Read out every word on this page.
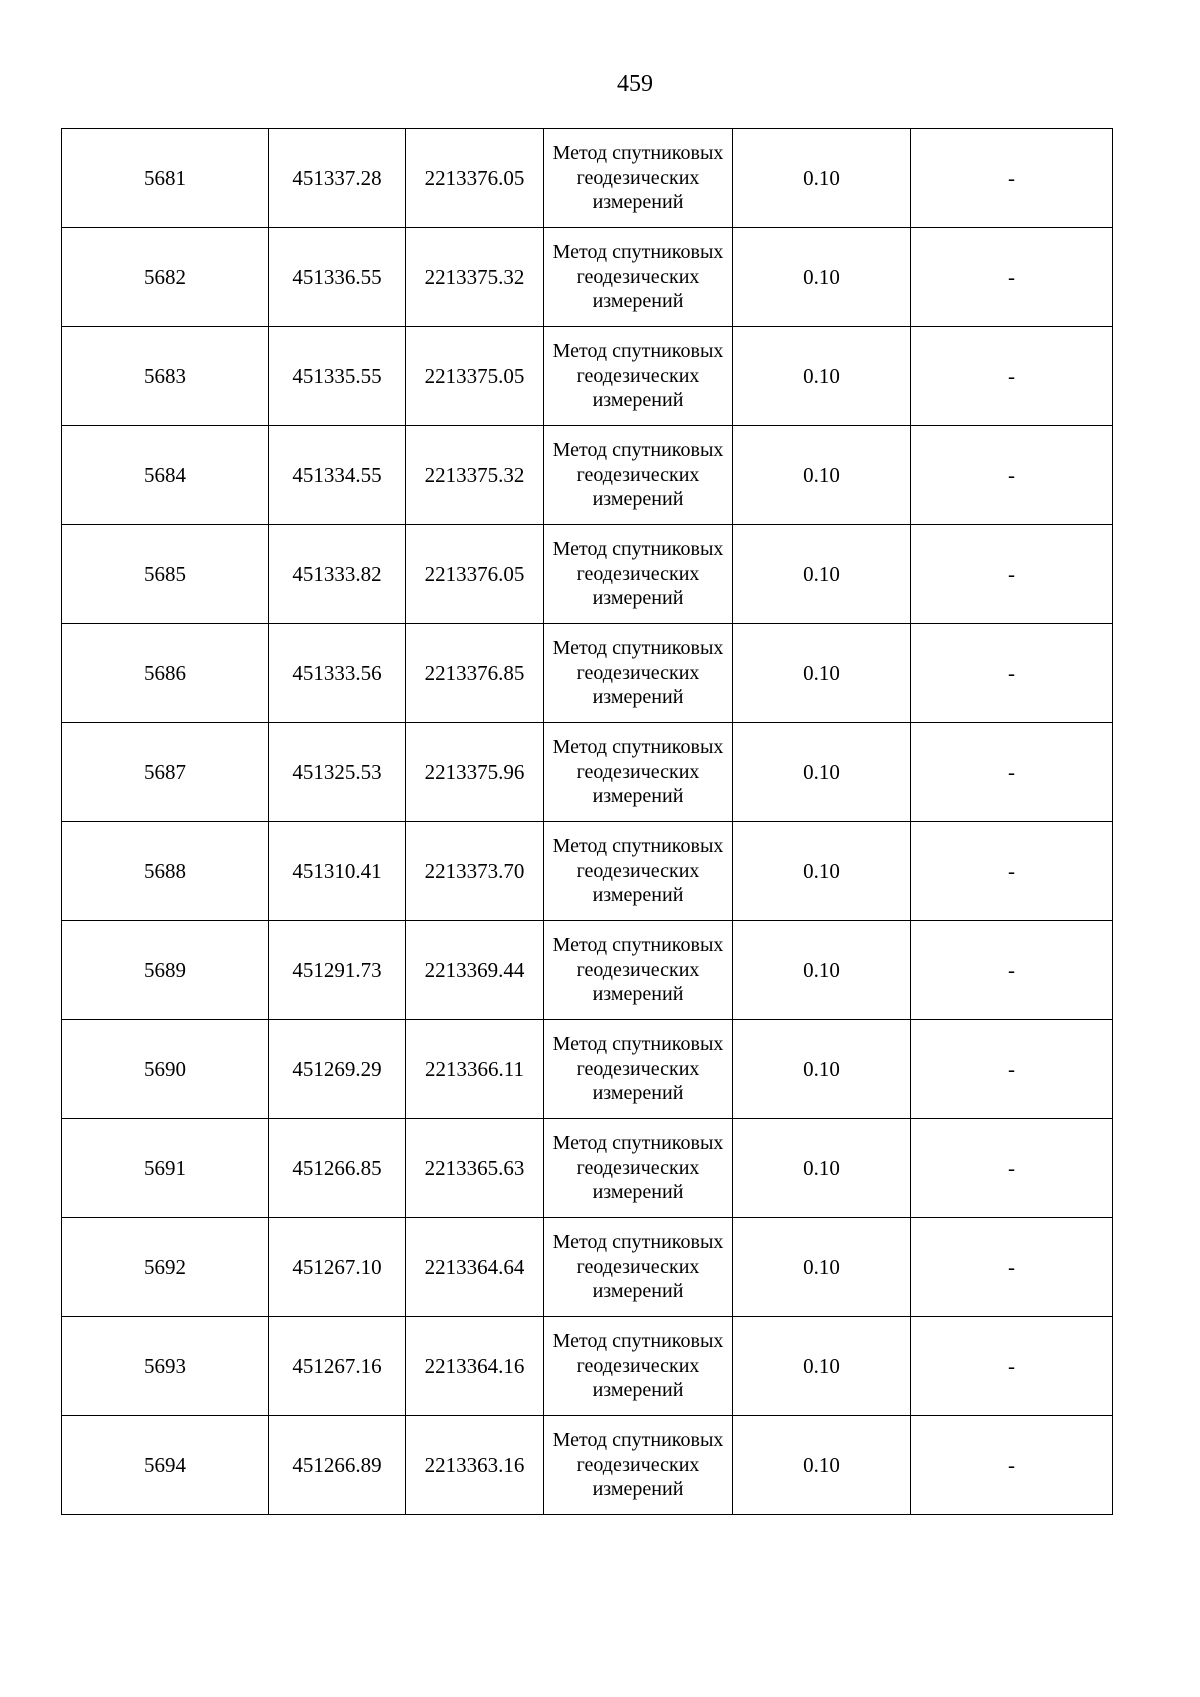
459
5681	451337.28	2213376.05	Метод спутниковых геодезических измерений	0.10	-
5682	451336.55	2213375.32	Метод спутниковых геодезических измерений	0.10	-
5683	451335.55	2213375.05	Метод спутниковых геодезических измерений	0.10	-
5684	451334.55	2213375.32	Метод спутниковых геодезических измерений	0.10	-
5685	451333.82	2213376.05	Метод спутниковых геодезических измерений	0.10	-
5686	451333.56	2213376.85	Метод спутниковых геодезических измерений	0.10	-
5687	451325.53	2213375.96	Метод спутниковых геодезических измерений	0.10	-
5688	451310.41	2213373.70	Метод спутниковых геодезических измерений	0.10	-
5689	451291.73	2213369.44	Метод спутниковых геодезических измерений	0.10	-
5690	451269.29	2213366.11	Метод спутниковых геодезических измерений	0.10	-
5691	451266.85	2213365.63	Метод спутниковых геодезических измерений	0.10	-
5692	451267.10	2213364.64	Метод спутниковых геодезических измерений	0.10	-
5693	451267.16	2213364.16	Метод спутниковых геодезических измерений	0.10	-
5694	451266.89	2213363.16	Метод спутниковых геодезических измерений	0.10	-
